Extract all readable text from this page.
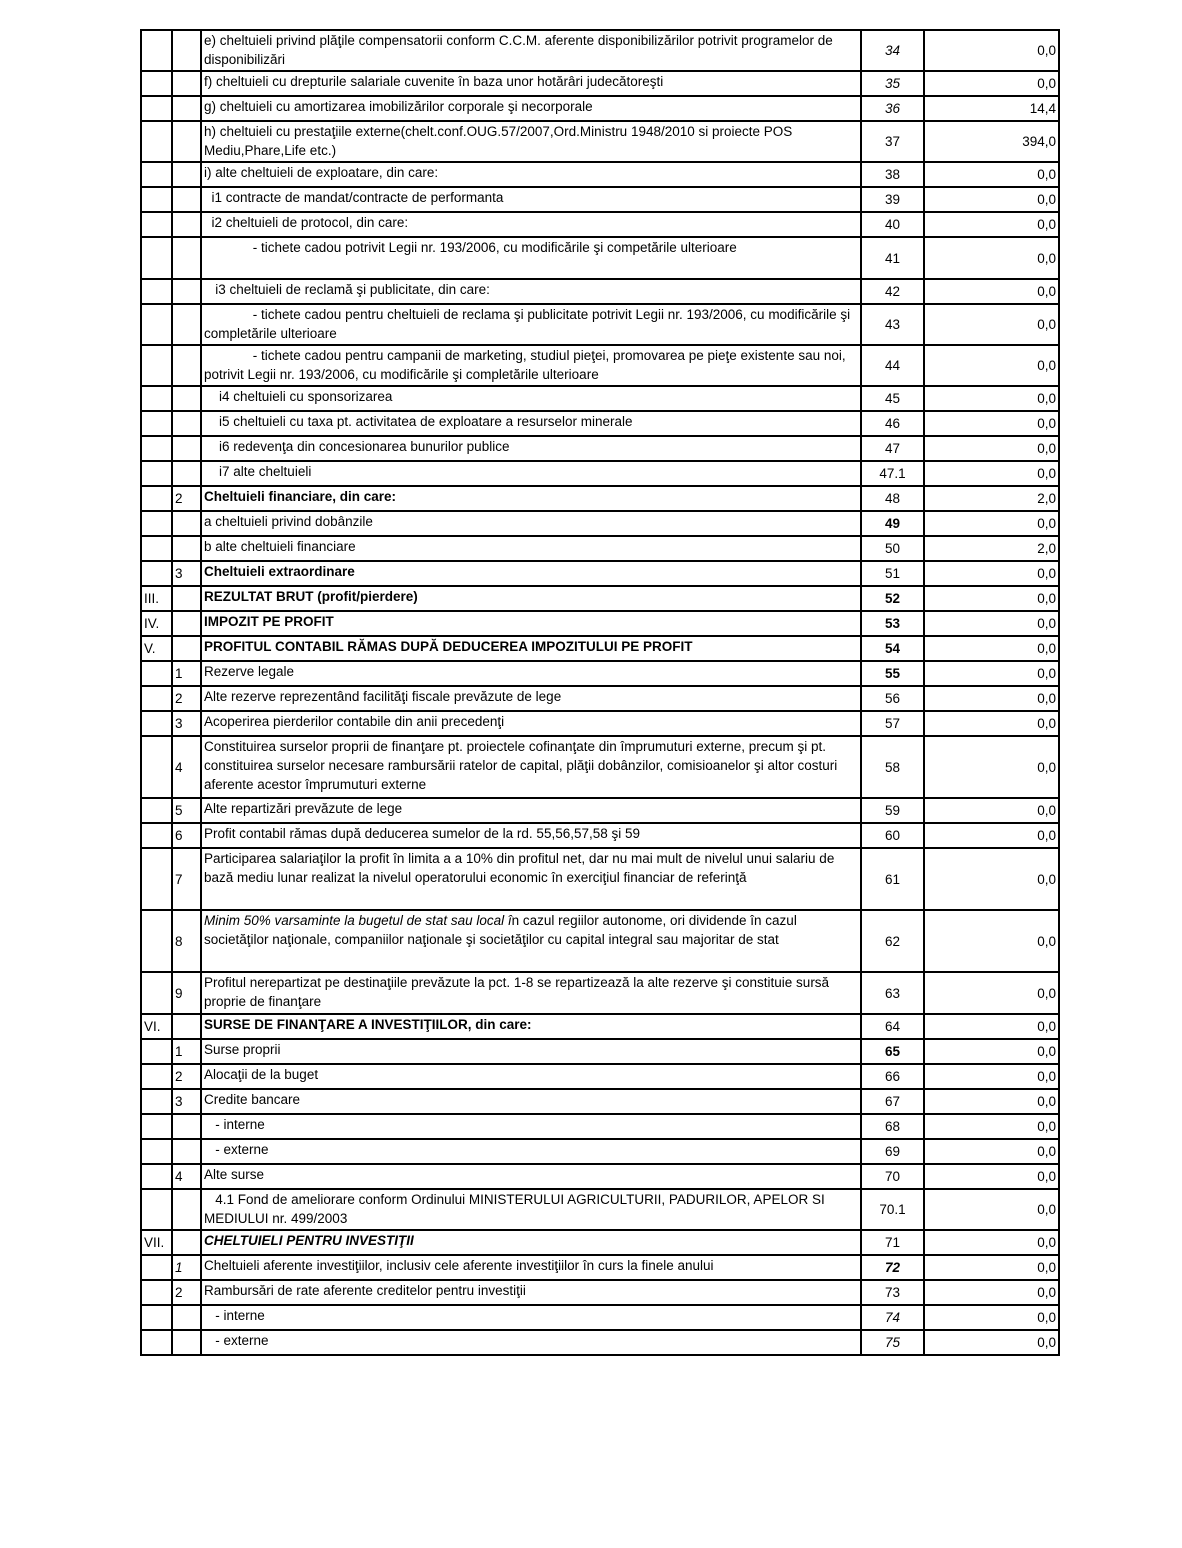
		e) cheltuieli privind plăţile compensatorii conform C.C.M. aferente disponibilizărilor potrivit programelor de disponibilizări	34	0,0
		f) cheltuieli cu drepturile salariale cuvenite în baza unor hotărâri judecătoreşti	35	0,0
		g) cheltuieli cu amortizarea imobilizărilor corporale şi necorporale	36	14,4
		h) cheltuieli cu prestaţiile externe(chelt.conf.OUG.57/2007,Ord.Ministru 1948/2010 si proiecte POS Mediu,Phare,Life etc.)	37	394,0
		i) alte cheltuieli de exploatare, din care:	38	0,0
		i1 contracte de mandat/contracte de performanta	39	0,0
		i2 cheltuieli de protocol, din care:	40	0,0
		- tichete cadou potrivit Legii nr. 193/2006, cu modificările şi competările ulterioare	41	0,0
		i3 cheltuieli de reclamă şi publicitate, din care:	42	0,0
		- tichete cadou pentru cheltuieli de reclama şi publicitate potrivit Legii nr. 193/2006, cu modificările şi completările ulterioare	43	0,0
		- tichete cadou pentru campanii de marketing, studiul pieţei, promovarea pe pieţe existente sau noi, potrivit Legii nr. 193/2006, cu modificările şi completările ulterioare	44	0,0
		i4 cheltuieli cu sponsorizarea	45	0,0
		i5 cheltuieli cu taxa pt. activitatea de exploatare a resurselor minerale	46	0,0
		i6 redevenţa din concesionarea bunurilor publice	47	0,0
		i7 alte cheltuieli	47.1	0,0
	2	Cheltuieli financiare, din care:	48	2,0
		a cheltuieli privind dobânzile	49	0,0
		b alte cheltuieli financiare	50	2,0
	3	Cheltuieli extraordinare	51	0,0
III.		REZULTAT BRUT (profit/pierdere)	52	0,0
IV.		IMPOZIT PE PROFIT	53	0,0
V.		PROFITUL CONTABIL RĂMAS DUPĂ DEDUCEREA IMPOZITULUI PE PROFIT	54	0,0
	1	Rezerve legale	55	0,0
	2	Alte rezerve reprezentând facilităţi fiscale prevăzute de lege	56	0,0
	3	Acoperirea pierderilor contabile din anii precedenţi	57	0,0
	4	Constituirea surselor proprii de finanţare pt. proiectele cofinanţate din împrumuturi externe, precum şi pt. constituirea surselor necesare rambursării ratelor de capital, plăţii dobânzilor, comisioanelor şi altor costuri aferente acestor împrumuturi externe	58	0,0
	5	Alte repartizări prevăzute de lege	59	0,0
	6	Profit contabil rămas după deducerea sumelor de la rd. 55,56,57,58 şi 59	60	0,0
	7	Participarea salariaţilor la profit în limita a a 10% din profitul net, dar nu mai mult de nivelul unui salariu de bază mediu lunar realizat la nivelul operatorului economic în exerciţiul financiar de referinţă	61	0,0
	8	Minim 50% varsaminte la bugetul de stat sau local în cazul regiilor autonome, ori dividende în cazul societăţilor naţionale, companiilor naţionale şi societăţilor cu capital integral sau majoritar de stat	62	0,0
	9	Profitul nerepartizat pe destinaţiile prevăzute la pct. 1-8 se repartizează la alte rezerve şi constituie sursă proprie de finanţare	63	0,0
VI.		SURSE DE FINANŢARE A INVESTIŢIILOR, din care:	64	0,0
	1	Surse proprii	65	0,0
	2	Alocaţii de la buget	66	0,0
	3	Credite bancare	67	0,0
		- interne	68	0,0
		- externe	69	0,0
	4	Alte surse	70	0,0
		4.1 Fond de ameliorare conform Ordinului MINISTERULUI AGRICULTURII, PADURILOR, APELOR SI MEDIULUI nr. 499/2003	70.1	0,0
VII.		CHELTUIELI PENTRU INVESTIŢII	71	0,0
	1	Cheltuieli aferente investiţiilor, inclusiv cele aferente investiţiilor în curs la finele anului	72	0,0
	2	Rambursări de rate aferente creditelor pentru investiţii	73	0,0
		- interne	74	0,0
		- externe	75	0,0
